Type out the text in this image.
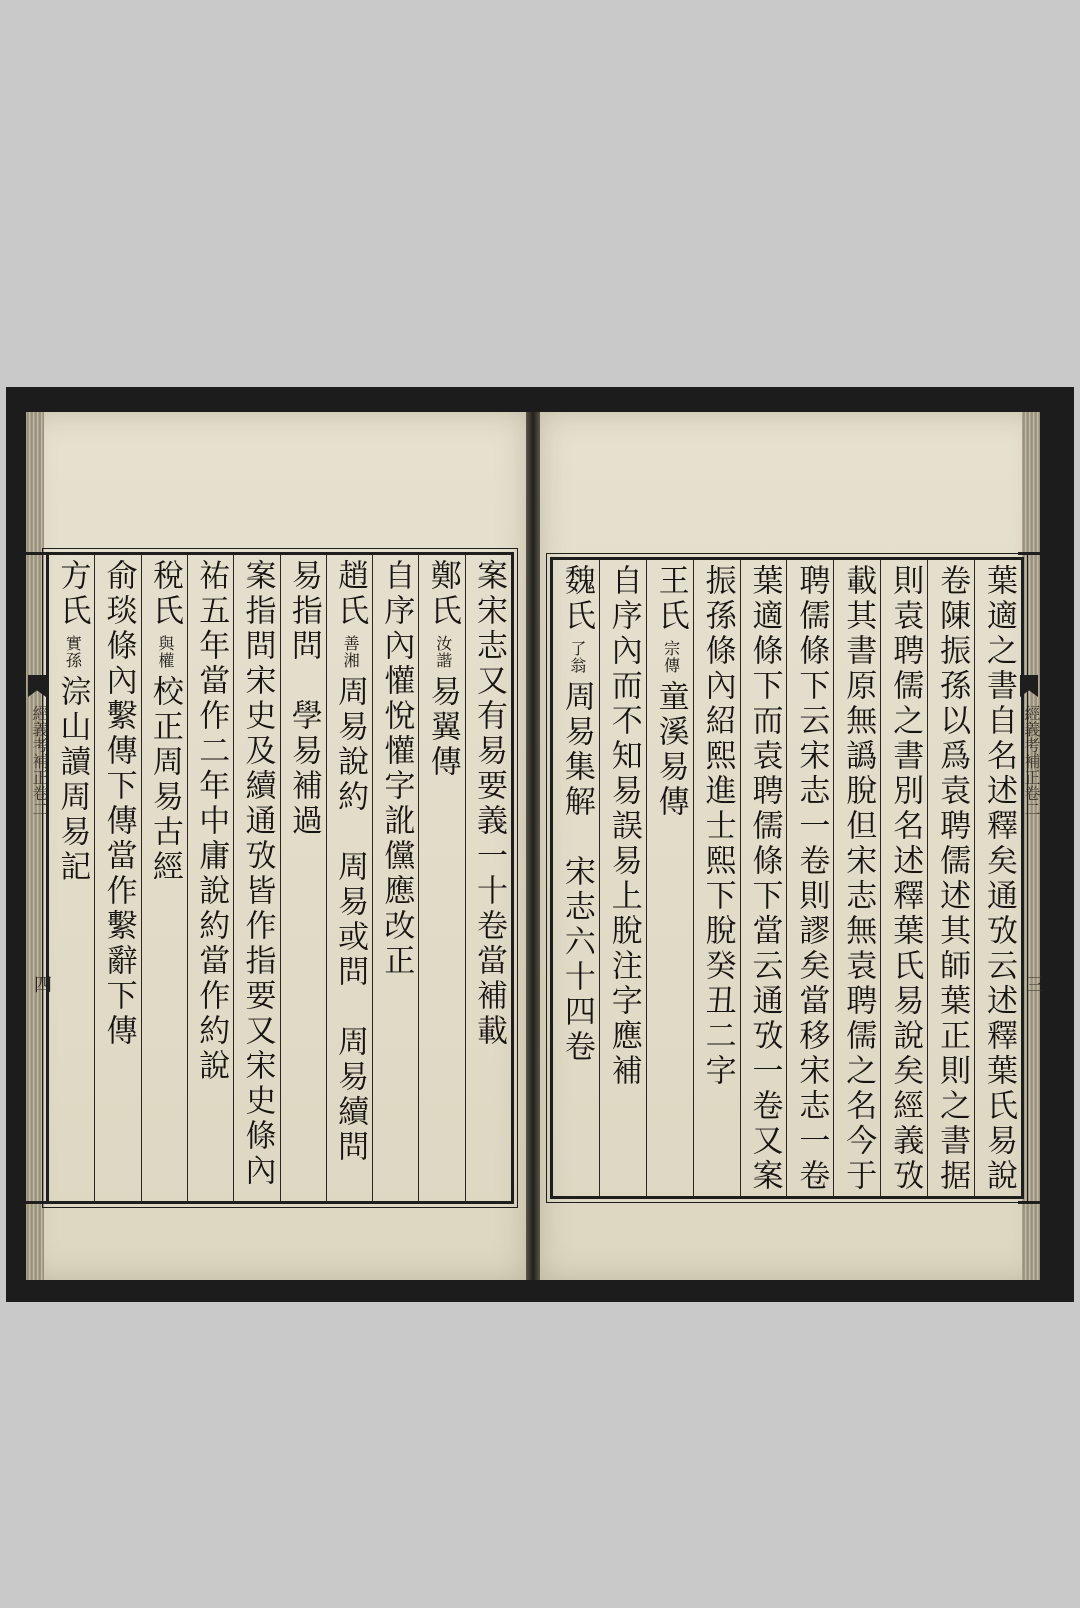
經義考補正卷二
四	案宋志又有易要義一十卷當補載
鄭氏 汝諧 易翼傳
自序內懽悅懽字訛儻應改正
趙氏 善湘 周易說約　周易或問　周易續問　
易指問　學易補過
案指問宋史及續通攷皆作指要又宋史條內
祐五年當作二年中庸說約當作約說
稅氏 與權 校正周易古經
俞琰條內繫傳下傳當作繫辭下傳
方氏 實孫 淙山讀周易記	經義考補正卷二
三
葉適之書自名述釋矣通攷云述釋葉氏易說
卷陳振孫以爲袁聘儒述其師葉正則之書据
則袁聘儒之書別名述釋葉氏易說矣經義攷
載其書原無譌脫但宋志無袁聘儒之名今于
聘儒條下云宋志一卷則謬矣當移宋志一卷
葉適條下而袁聘儒條下當云通攷一卷又案
振孫條內紹熙進士熙下脫癸丑二字
王氏 宗傳 童溪易傳
自序內而不知易誤易上脫注字應補
魏氏 了翁 周易集解　宋志六十四卷
